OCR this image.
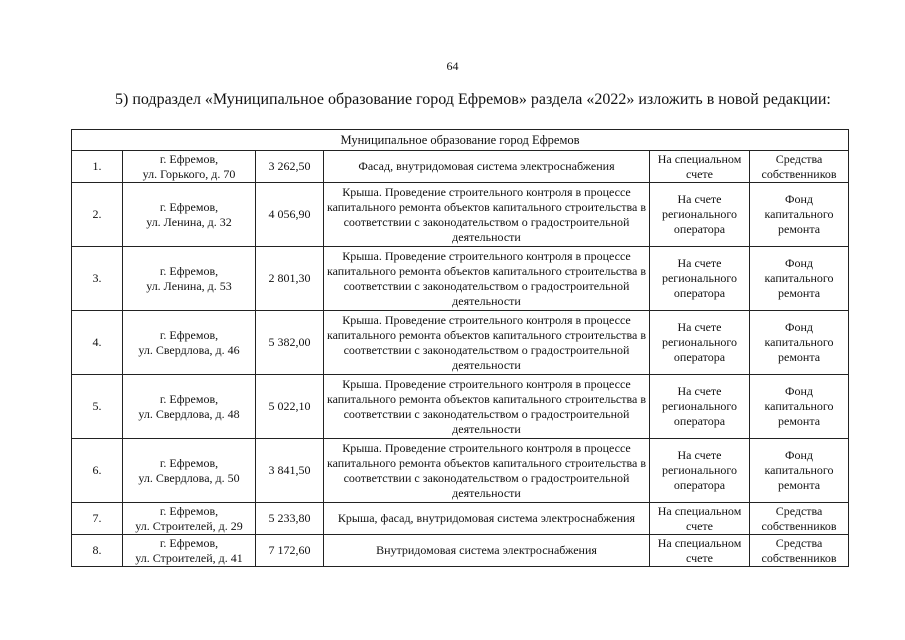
64
5) подраздел «Муниципальное образование город Ефремов» раздела «2022» изложить в новой редакции:
Муниципальное образование город Ефремов					
1.	г. Ефремов,
ул. Горького, д. 70	3 262,50	Фасад, внутридомовая система электроснабжения	На специальном счете	Средства собственников
2.	г. Ефремов,
ул. Ленина, д. 32	4 056,90	Крыша. Проведение строительного контроля в процессе капитального ремонта объектов капитального строительства в соответствии с законодательством о градостроительной деятельности	На счете регионального оператора	Фонд капитального ремонта
3.	г. Ефремов,
ул. Ленина, д. 53	2 801,30	Крыша. Проведение строительного контроля в процессе капитального ремонта объектов капитального строительства в соответствии с законодательством о градостроительной деятельности	На счете регионального оператора	Фонд капитального ремонта
4.	г. Ефремов,
ул. Свердлова, д. 46	5 382,00	Крыша. Проведение строительного контроля в процессе капитального ремонта объектов капитального строительства в соответствии с законодательством о градостроительной деятельности	На счете регионального оператора	Фонд капитального ремонта
5.	г. Ефремов,
ул. Свердлова, д. 48	5 022,10	Крыша. Проведение строительного контроля в процессе капитального ремонта объектов капитального строительства в соответствии с законодательством о градостроительной деятельности	На счете регионального оператора	Фонд капитального ремонта
6.	г. Ефремов,
ул. Свердлова, д. 50	3 841,50	Крыша. Проведение строительного контроля в процессе капитального ремонта объектов капитального строительства в соответствии с законодательством о градостроительной деятельности	На счете регионального оператора	Фонд капитального ремонта
7.	г. Ефремов,
ул. Строителей, д. 29	5 233,80	Крыша, фасад, внутридомовая система электроснабжения	На специальном счете	Средства собственников
8.	г. Ефремов,
ул. Строителей, д. 41	7 172,60	Внутридомовая система электроснабжения	На специальном счете	Средства собственников
